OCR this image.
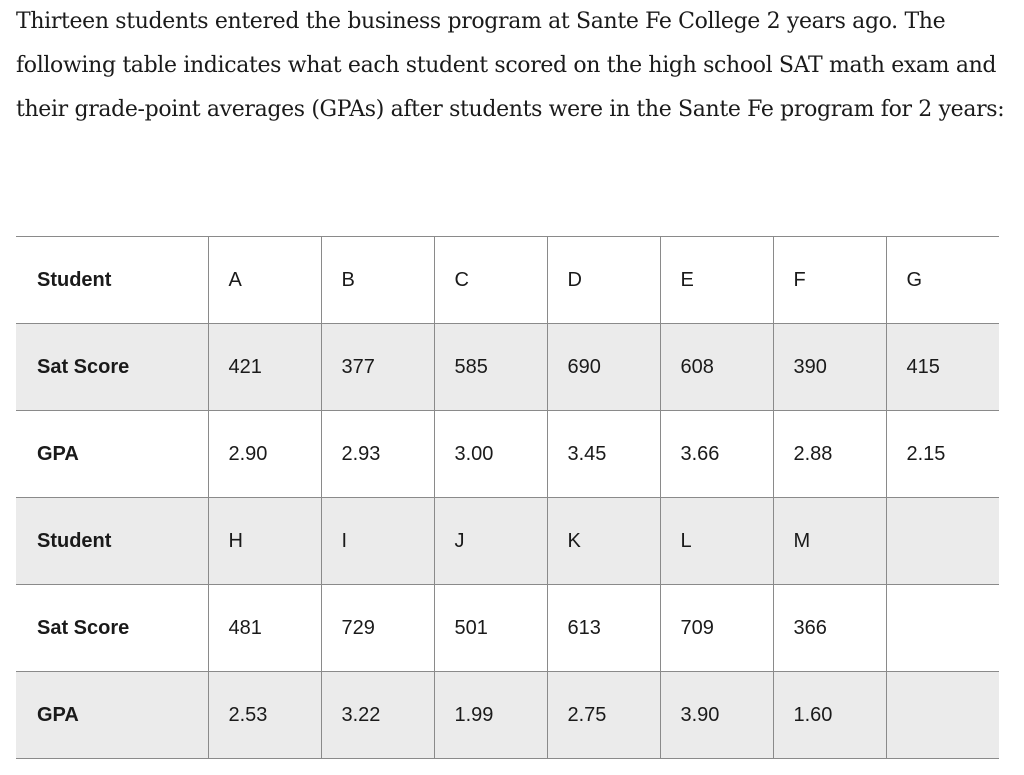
Thirteen students entered the business program at Sante Fe College 2 years ago. The following table indicates what each student scored on the high school SAT math exam and their grade-point averages (GPAs) after students were in the Sante Fe program for 2 years:

Student	A	B	C	D	E	F	G
Sat Score	421	377	585	690	608	390	415
GPA	2.90	2.93	3.00	3.45	3.66	2.88	2.15
Student	H	I	J	K	L	M	
Sat Score	481	729	501	613	709	366	
GPA	2.53	3.22	1.99	2.75	3.90	1.60	
